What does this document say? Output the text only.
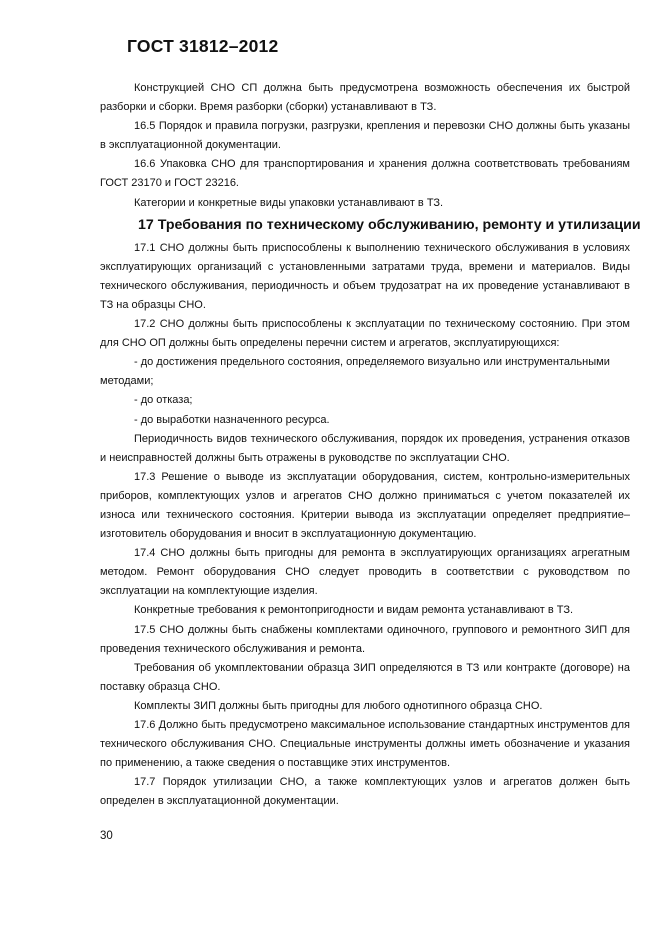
ГОСТ 31812–2012

Конструкцией СНО СП должна быть предусмотрена возможность обеспечения их быстрой разборки и сборки. Время разборки (сборки) устанавливают в ТЗ.

16.5 Порядок и правила погрузки, разгрузки, крепления и перевозки СНО должны быть указаны в эксплуатационной документации.

16.6 Упаковка СНО для транспортирования и хранения должна соответствовать требованиям ГОСТ 23170 и ГОСТ 23216.

Категории и конкретные виды упаковки устанавливают в ТЗ.

17 Требования по техническому обслуживанию, ремонту и утилизации

17.1 СНО должны быть приспособлены к выполнению технического обслуживания в условиях эксплуатирующих организаций с установленными затратами труда, времени и материалов. Виды технического обслуживания, периодичность и объем трудозатрат на их проведение устанавливают в ТЗ на образцы СНО.

17.2 СНО должны быть приспособлены к эксплуатации по техническому состоянию. При этом для СНО ОП должны быть определены перечни систем и агрегатов, эксплуатирующихся:

- до достижения предельного состояния, определяемого визуально или инструментальными методами;

- до отказа;

- до выработки назначенного ресурса.

Периодичность видов технического обслуживания, порядок их проведения, устранения отказов и неисправностей должны быть отражены в руководстве по эксплуатации СНО.

17.3 Решение о выводе из эксплуатации оборудования, систем, контрольно-измерительных приборов, комплектующих узлов и агрегатов СНО должно приниматься с учетом показателей их износа или технического состояния. Критерии вывода из эксплуатации определяет предприятие–изготовитель оборудования и вносит в эксплуатационную документацию.

17.4 СНО должны быть пригодны для ремонта в эксплуатирующих организациях агрегатным методом. Ремонт оборудования СНО следует проводить в соответствии с руководством по эксплуатации на комплектующие изделия.

Конкретные требования к ремонтопригодности и видам ремонта устанавливают в ТЗ.

17.5 СНО должны быть снабжены комплектами одиночного, группового и ремонтного ЗИП для проведения технического обслуживания и ремонта.

Требования об укомплектовании образца ЗИП определяются в ТЗ или контракте (договоре) на поставку образца СНО.

Комплекты ЗИП должны быть пригодны для любого однотипного образца СНО.

17.6 Должно быть предусмотрено максимальное использование стандартных инструментов для технического обслуживания СНО. Специальные инструменты должны иметь обозначение и указания по применению, а также сведения о поставщике этих инструментов.

17.7 Порядок утилизации СНО, а также комплектующих узлов и агрегатов должен быть определен в эксплуатационной документации.

30
